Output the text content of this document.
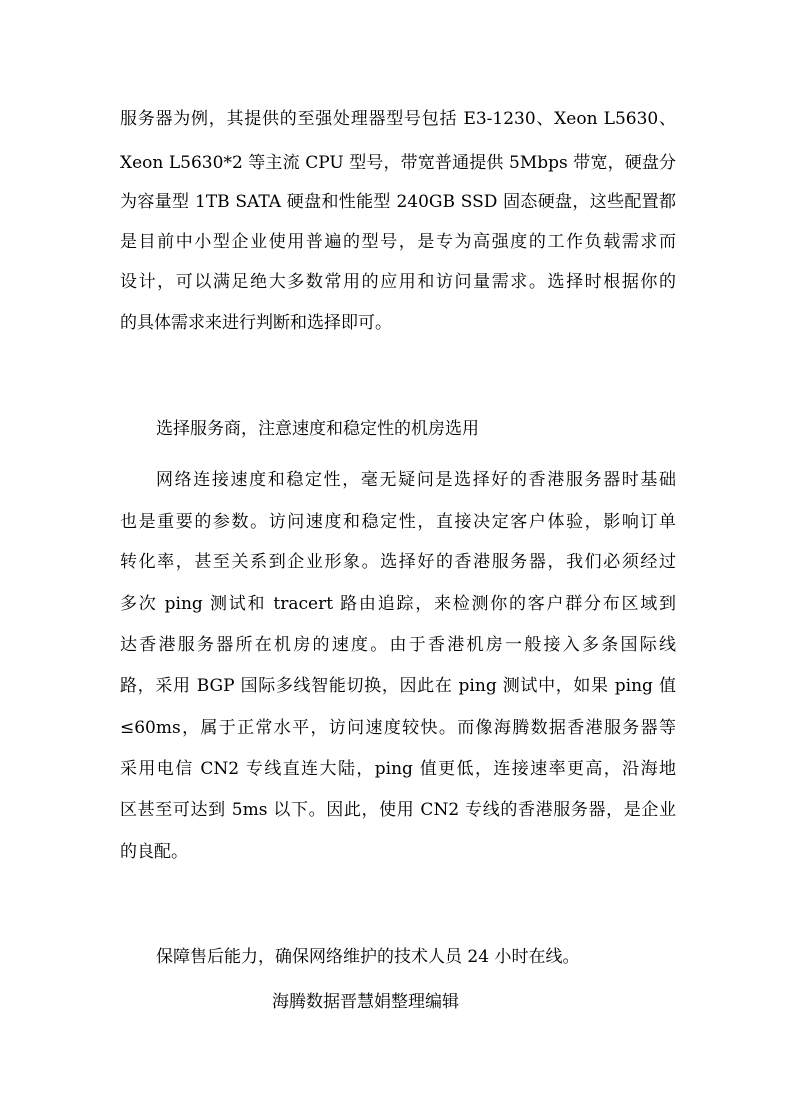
服务器为例，其提供的至强处理器型号包括 E3-1230、Xeon L5630、
Xeon L5630*2 等主流 CPU 型号，带宽普通提供 5Mbps 带宽，硬盘分
为容量型 1TB SATA 硬盘和性能型 240GB SSD 固态硬盘，这些配置都
是目前中小型企业使用普遍的型号，是专为高强度的工作负载需求而
设计，可以满足绝大多数常用的应用和访问量需求。选择时根据你的
的具体需求来进行判断和选择即可。
选择服务商，注意速度和稳定性的机房选用
网络连接速度和稳定性，毫无疑问是选择好的香港服务器时基础
也是重要的参数。访问速度和稳定性，直接决定客户体验，影响订单
转化率，甚至关系到企业形象。选择好的香港服务器，我们必须经过
多次 ping 测试和 tracert 路由追踪，来检测你的客户群分布区域到
达香港服务器所在机房的速度。由于香港机房一般接入多条国际线
路，采用 BGP 国际多线智能切换，因此在 ping 测试中，如果 ping 值
≤60ms，属于正常水平，访问速度较快。而像海腾数据香港服务器等
采用电信 CN2 专线直连大陆，ping 值更低，连接速率更高，沿海地
区甚至可达到 5ms 以下。因此，使用 CN2 专线的香港服务器，是企业
的良配。
保障售后能力，确保网络维护的技术人员 24 小时在线。
海腾数据晋慧娟整理编辑
